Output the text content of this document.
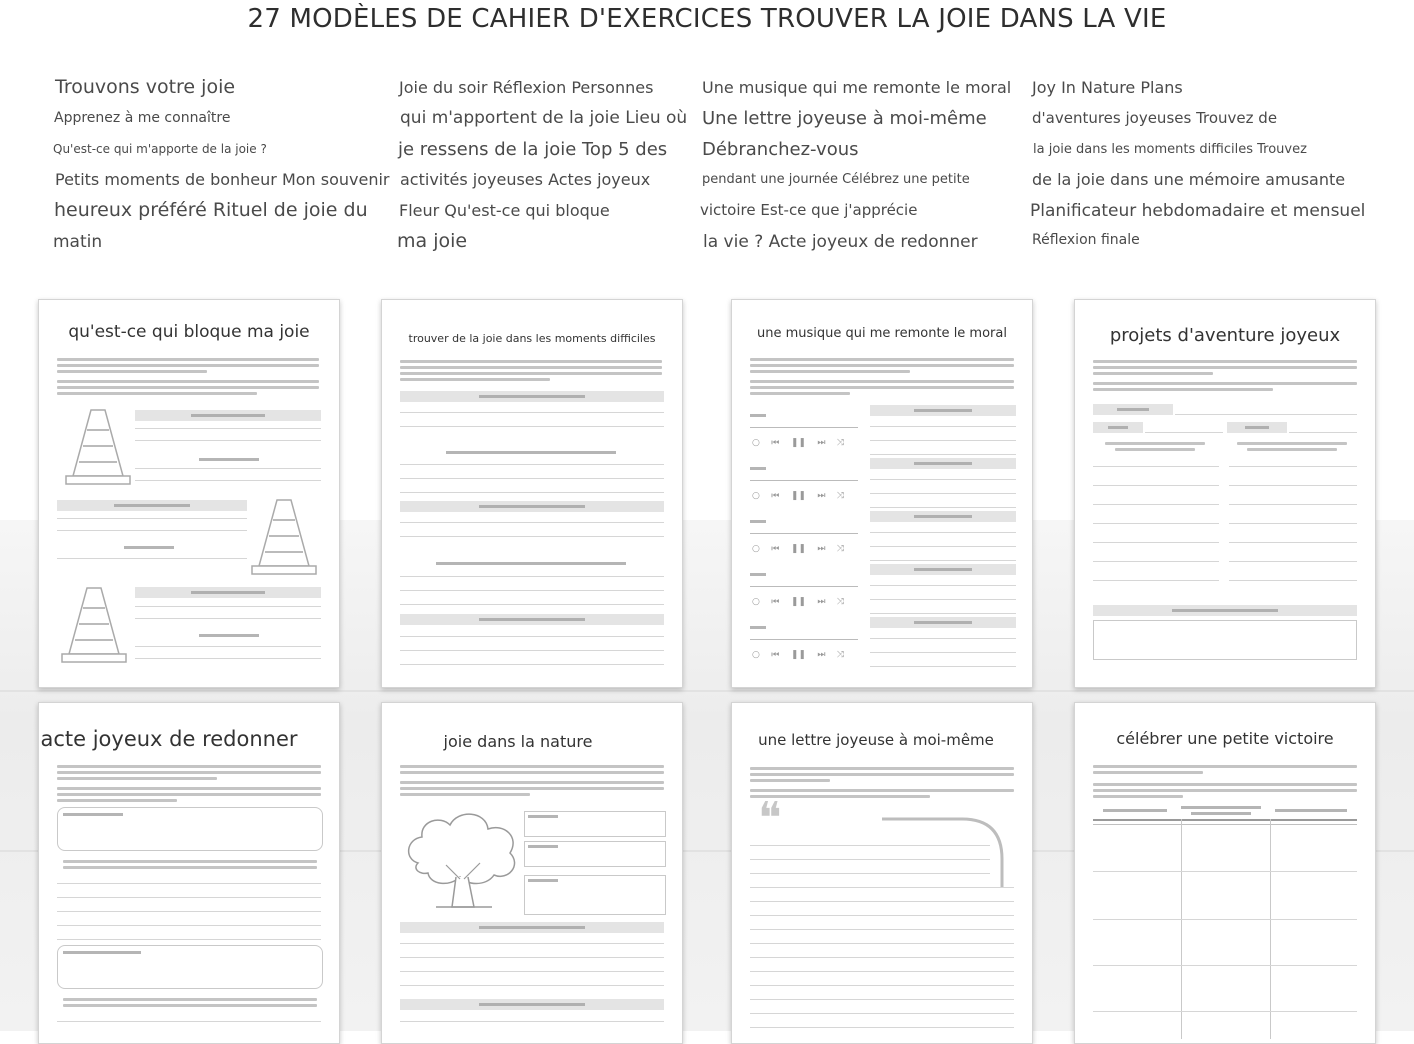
27 MODÈLES DE CAHIER D'EXERCICES TROUVER LA JOIE DANS LA VIE
Trouvons votre joie
Apprenez à me connaître
Qu'est-ce qui m'apporte de la joie ?
Petits moments de bonheur Mon souvenir
heureux préféré Rituel de joie du
matin
Joie du soir Réflexion Personnes
qui m'apportent de la joie Lieu où
je ressens de la joie Top 5 des
activités joyeuses Actes joyeux
Fleur Qu'est-ce qui bloque
ma joie
Une musique qui me remonte le moral
Une lettre joyeuse à moi-même
Débranchez-vous
pendant une journée Célébrez une petite
victoire Est-ce que j'apprécie
la vie ? Acte joyeux de redonner
Joy In Nature Plans
d'aventures joyeuses Trouvez de
la joie dans les moments difficiles Trouvez
de la joie dans une mémoire amusante
Planificateur hebdomadaire et mensuel
Réflexion finale
qu'est-ce qui bloque ma joie	trouver de la joie dans les moments difficiles	une musique qui me remonte le moral
○    ⏮    ❚❚    ⏭    ⤨
○    ⏮    ❚❚    ⏭    ⤨
○    ⏮    ❚❚    ⏭    ⤨
○    ⏮    ❚❚    ⏭    ⤨
○    ⏮    ❚❚    ⏭    ⤨
projets d'aventure joyeux
acte joyeux de redonner	joie dans la nature	une lettre joyeuse à moi-même
❝
célébrer une petite victoire
